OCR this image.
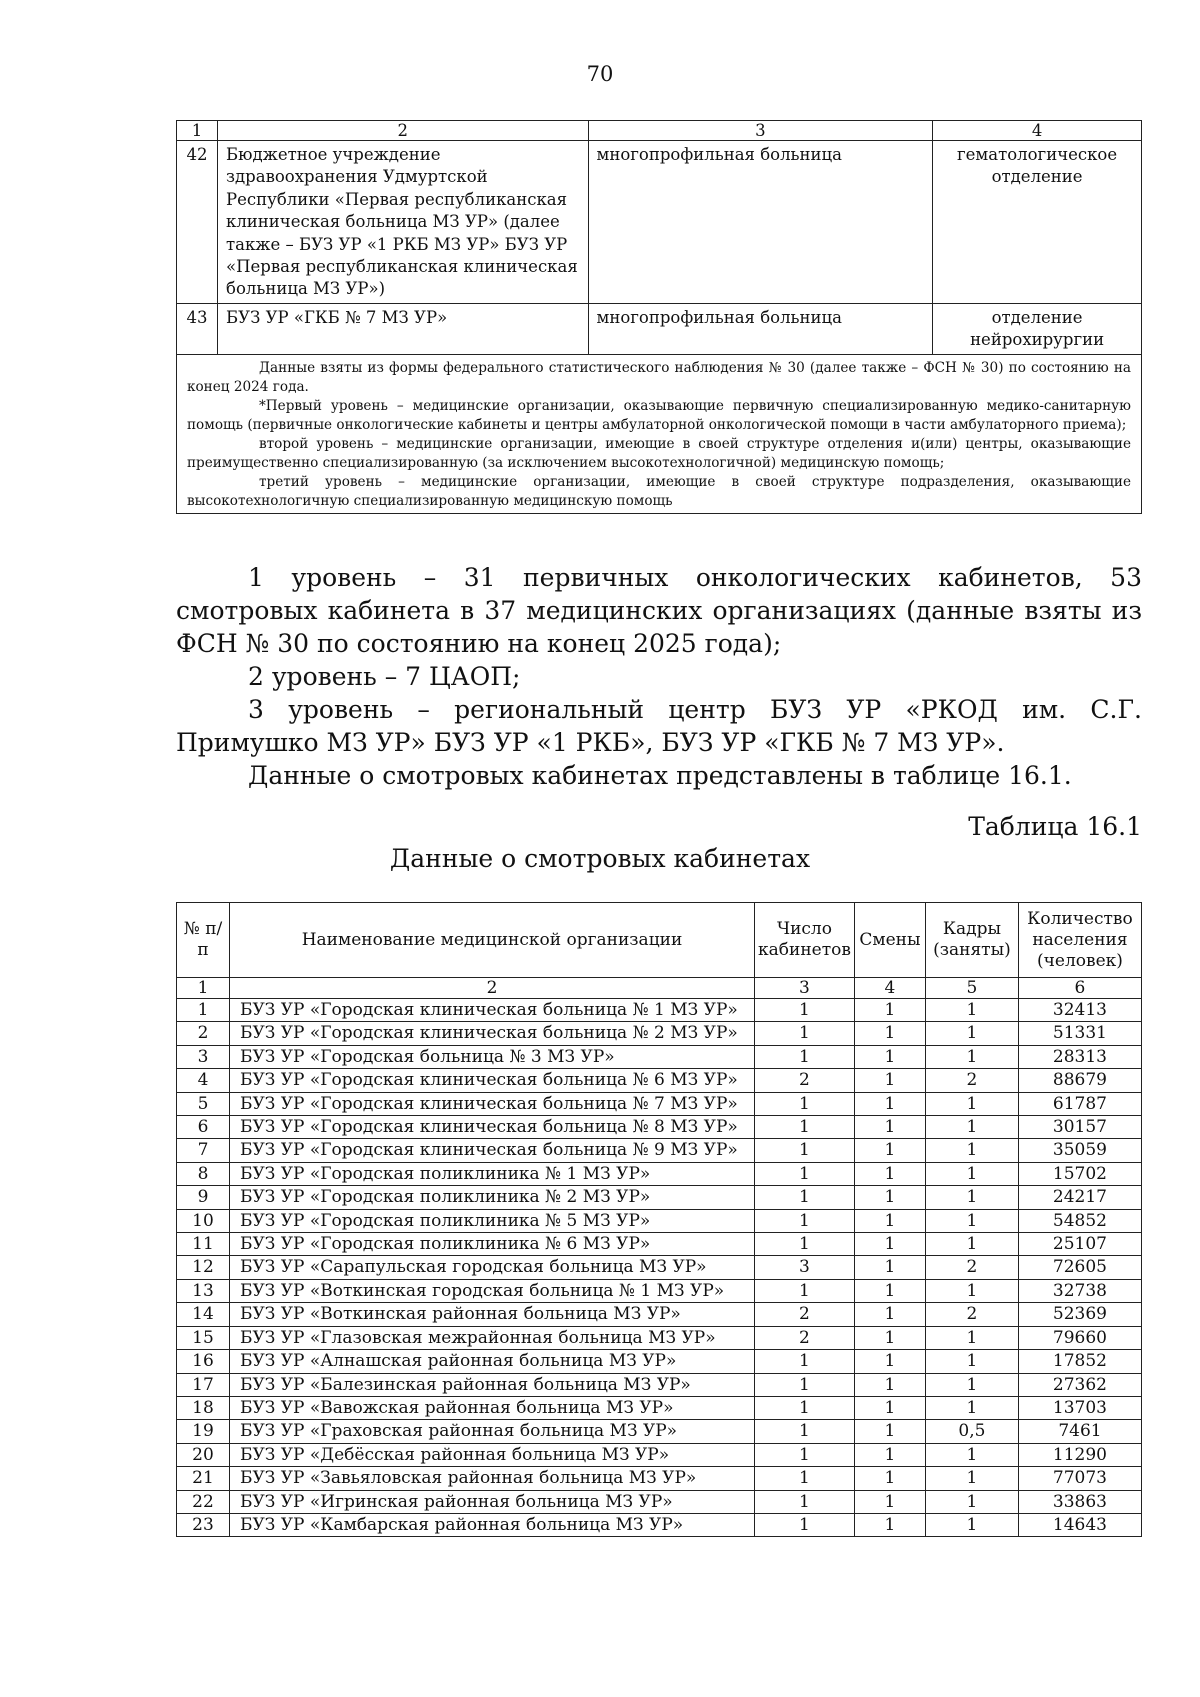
70
1	2	3	4
42	Бюджетное учреждение здравоохранения Удмуртской Республики «Первая республиканская клиническая больница МЗ УР» (далее также – БУЗ УР «1 РКБ МЗ УР» БУЗ УР «Первая республиканская клиническая больница МЗ УР»)	многопрофильная больница	гематологическое отделение
43	БУЗ УР «ГКБ № 7 МЗ УР»	многопрофильная больница	отделение нейрохирургии

Данные взяты из формы федерального статистического наблюдения № 30 (далее также – ФСН № 30) по состоянию на конец 2024 года.

*Первый уровень – медицинские организации, оказывающие первичную специализированную медико-санитарную помощь (первичные онкологические кабинеты и центры амбулаторной онкологической помощи в части амбулаторного приема);

второй уровень – медицинские организации, имеющие в своей структуре отделения и(или) центры, оказывающие преимущественно специализированную (за исключением высокотехнологичной) медицинскую помощь;

третий уровень – медицинские организации, имеющие в своей структуре подразделения, оказывающие высокотехнологичную специализированную медицинскую помощь			

1 уровень – 31 первичных онкологических кабинетов, 53 смотровых кабинета в 37 медицинских организациях (данные взяты из ФСН № 30 по состоянию на конец 2025 года);

2 уровень – 7 ЦАОП;

3 уровень – региональный центр БУЗ УР «РКОД им. С.Г. Примушко МЗ УР» БУЗ УР «1 РКБ», БУЗ УР «ГКБ № 7 МЗ УР».

Данные о смотровых кабинетах представлены в таблице 16.1.

Таблица 16.1
Данные о смотровых кабинетах
№ п/п	Наименование медицинской организации	Число кабинетов	Смены	Кадры (заняты)	Количество населения (человек)
1	2	3	4	5	6
1	БУЗ УР «Городская клиническая больница № 1 МЗ УР»	1	1	1	32413
2	БУЗ УР «Городская клиническая больница № 2 МЗ УР»	1	1	1	51331
3	БУЗ УР «Городская больница № 3 МЗ УР»	1	1	1	28313
4	БУЗ УР «Городская клиническая больница № 6 МЗ УР»	2	1	2	88679
5	БУЗ УР «Городская клиническая больница № 7 МЗ УР»	1	1	1	61787
6	БУЗ УР «Городская клиническая больница № 8 МЗ УР»	1	1	1	30157
7	БУЗ УР «Городская клиническая больница № 9 МЗ УР»	1	1	1	35059
8	БУЗ УР «Городская поликлиника № 1 МЗ УР»	1	1	1	15702
9	БУЗ УР «Городская поликлиника № 2 МЗ УР»	1	1	1	24217
10	БУЗ УР «Городская поликлиника № 5 МЗ УР»	1	1	1	54852
11	БУЗ УР «Городская поликлиника № 6 МЗ УР»	1	1	1	25107
12	БУЗ УР «Сарапульская городская больница МЗ УР»	3	1	2	72605
13	БУЗ УР «Воткинская городская больница № 1 МЗ УР»	1	1	1	32738
14	БУЗ УР «Воткинская районная больница МЗ УР»	2	1	2	52369
15	БУЗ УР «Глазовская межрайонная больница МЗ УР»	2	1	1	79660
16	БУЗ УР «Алнашская районная больница МЗ УР»	1	1	1	17852
17	БУЗ УР «Балезинская районная больница МЗ УР»	1	1	1	27362
18	БУЗ УР «Вавожская районная больница МЗ УР»	1	1	1	13703
19	БУЗ УР «Граховская районная больница МЗ УР»	1	1	0,5	7461
20	БУЗ УР «Дебёсская районная больница МЗ УР»	1	1	1	11290
21	БУЗ УР «Завьяловская районная больница МЗ УР»	1	1	1	77073
22	БУЗ УР «Игринская районная больница МЗ УР»	1	1	1	33863
23	БУЗ УР «Камбарская районная больница МЗ УР»	1	1	1	14643
